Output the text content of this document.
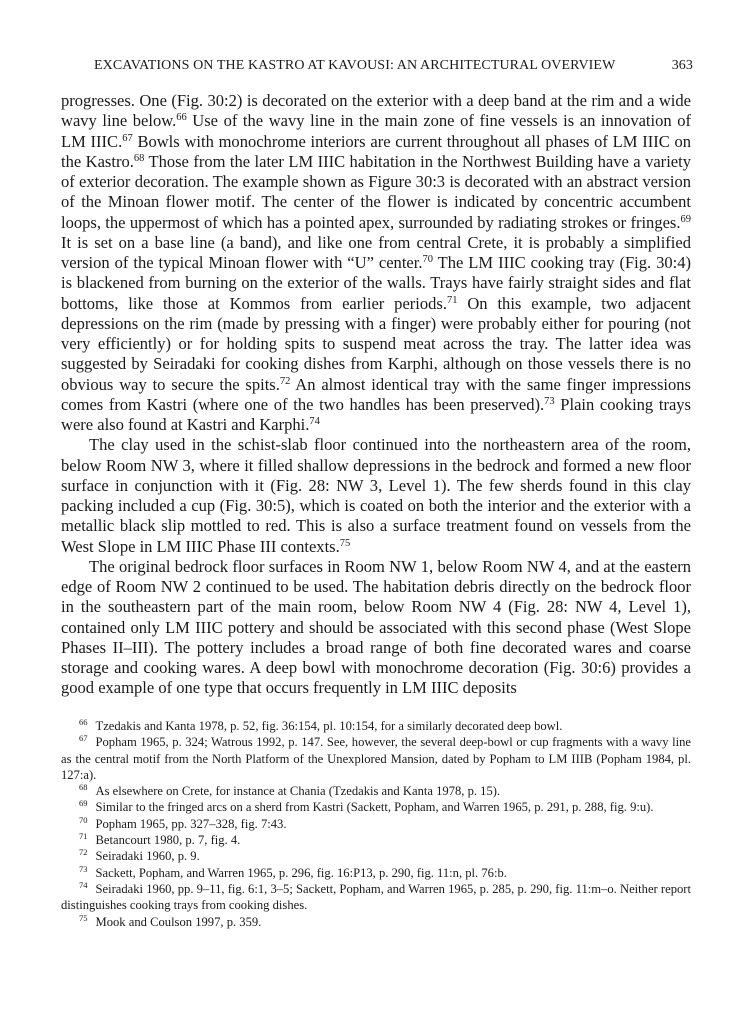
EXCAVATIONS ON THE KASTRO AT KAVOUSI: AN ARCHITECTURAL OVERVIEW	363

progresses. One (Fig. 30:2) is decorated on the exterior with a deep band at the rim and a wide wavy line below.$^{66}$ Use of the wavy line in the main zone of fine vessels is an innovation of LM IIIC.$^{67}$ Bowls with monochrome interiors are current throughout all phases of LM IIIC on the Kastro.$^{68}$ Those from the later LM IIIC habitation in the Northwest Building have a variety of exterior decoration. The example shown as Figure 30:3 is decorated with an abstract version of the Minoan flower motif. The center of the flower is indicated by concentric accumbent loops, the uppermost of which has a pointed apex, surrounded by radiating strokes or fringes.$^{69}$ It is set on a base line (a band), and like one from central Crete, it is probably a simplified version of the typical Minoan flower with “U” center.$^{70}$ The LM IIIC cooking tray (Fig. 30:4) is blackened from burning on the exterior of the walls. Trays have fairly straight sides and flat bottoms, like those at Kommos from earlier periods.$^{71}$ On this example, two adjacent depressions on the rim (made by pressing with a finger) were probably either for pouring (not very efficiently) or for holding spits to suspend meat across the tray. The latter idea was suggested by Seiradaki for cooking dishes from Karphi, although on those vessels there is no obvious way to secure the spits.$^{72}$ An almost identical tray with the same finger impressions comes from Kastri (where one of the two handles has been preserved).$^{73}$ Plain cooking trays were also found at Kastri and Karphi.$^{74}$

The clay used in the schist-slab floor continued into the northeastern area of the room, below Room NW 3, where it filled shallow depressions in the bedrock and formed a new floor surface in conjunction with it (Fig. 28: NW 3, Level 1). The few sherds found in this clay packing included a cup (Fig. 30:5), which is coated on both the interior and the exterior with a metallic black slip mottled to red. This is also a surface treatment found on vessels from the West Slope in LM IIIC Phase III contexts.$^{75}$

The original bedrock floor surfaces in Room NW 1, below Room NW 4, and at the eastern edge of Room NW 2 continued to be used. The habitation debris directly on the bedrock floor in the southeastern part of the main room, below Room NW 4 (Fig. 28: NW 4, Level 1), contained only LM IIIC pottery and should be associated with this second phase (West Slope Phases II–III). The pottery includes a broad range of both fine decorated wares and coarse storage and cooking wares. A deep bowl with monochrome decoration (Fig. 30:6) provides a good example of one type that occurs frequently in LM IIIC deposits

$^{66}$ Tzedakis and Kanta 1978, p. 52, fig. 36:154, pl. 10:154, for a similarly decorated deep bowl.

$^{67}$ Popham 1965, p. 324; Watrous 1992, p. 147. See, however, the several deep-bowl or cup fragments with a wavy line as the central motif from the North Platform of the Unexplored Mansion, dated by Popham to LM IIIB (Popham 1984, pl. 127:a).

$^{68}$ As elsewhere on Crete, for instance at Chania (Tzedakis and Kanta 1978, p. 15).

$^{69}$ Similar to the fringed arcs on a sherd from Kastri (Sackett, Popham, and Warren 1965, p. 291, p. 288, fig. 9:u).

$^{70}$ Popham 1965, pp. 327–328, fig. 7:43.

$^{71}$ Betancourt 1980, p. 7, fig. 4.

$^{72}$ Seiradaki 1960, p. 9.

$^{73}$ Sackett, Popham, and Warren 1965, p. 296, fig. 16:P13, p. 290, fig. 11:n, pl. 76:b.

$^{74}$ Seiradaki 1960, pp. 9–11, fig. 6:1, 3–5; Sackett, Popham, and Warren 1965, p. 285, p. 290, fig. 11:m–o. Neither report distinguishes cooking trays from cooking dishes.

$^{75}$ Mook and Coulson 1997, p. 359.
